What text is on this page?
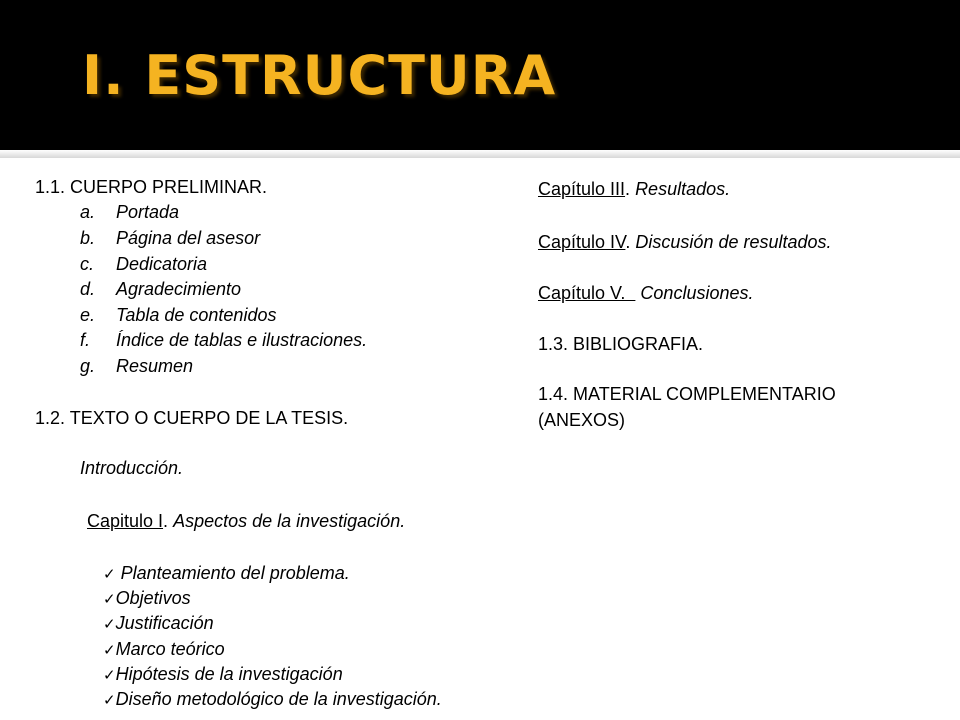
I. ESTRUCTURA

1.1. CUERPO PRELIMINAR.

a.	Portada

b.	Página del asesor

c.	Dedicatoria

d.	Agradecimiento

e.	Tabla de contenidos

f.	Índice de tablas e ilustraciones.

g.	Resumen

1.2. TEXTO O CUERPO DE LA TESIS.

Introducción.

Capitulo I. Aspectos de la investigación.

✓ Planteamiento del problema.

✓Objetivos

✓Justificación

✓Marco teórico

✓Hipótesis de la investigación

✓Diseño metodológico de la investigación.

Capítulo III. Resultados.

Capítulo IV. Discusión de resultados.

Capítulo V.   Conclusiones.

1.3. BIBLIOGRAFIA.

1.4. MATERIAL COMPLEMENTARIO

(ANEXOS)
